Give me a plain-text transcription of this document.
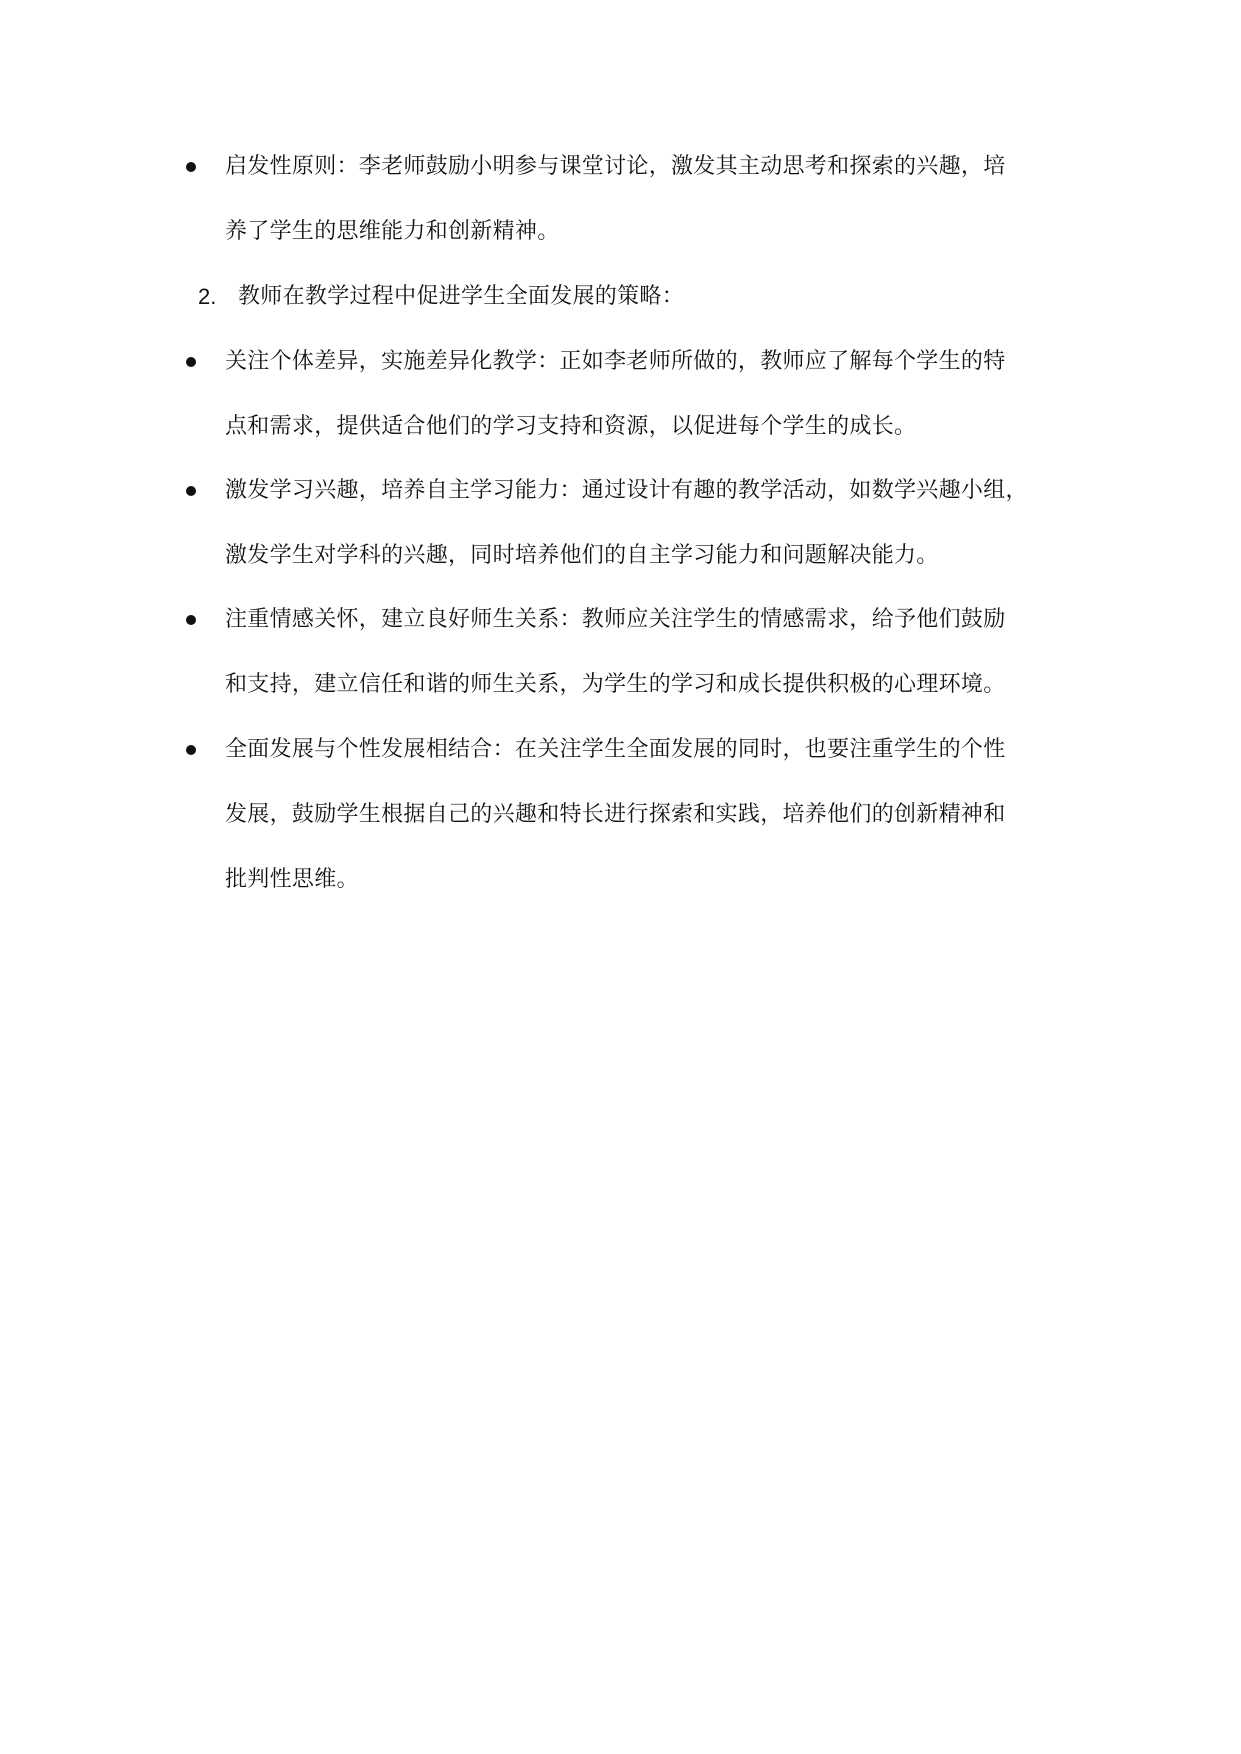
启发性原则：李老师鼓励小明参与课堂讨论，激发其主动思考和探索的兴趣，培
养了学生的思维能力和创新精神。
2. 教师在教学过程中促进学生全面发展的策略：
关注个体差异，实施差异化教学：正如李老师所做的，教师应了解每个学生的特
点和需求，提供适合他们的学习支持和资源，以促进每个学生的成长。
激发学习兴趣，培养自主学习能力：通过设计有趣的教学活动，如数学兴趣小组，
激发学生对学科的兴趣，同时培养他们的自主学习能力和问题解决能力。
注重情感关怀，建立良好师生关系：教师应关注学生的情感需求，给予他们鼓励
和支持，建立信任和谐的师生关系，为学生的学习和成长提供积极的心理环境。
全面发展与个性发展相结合：在关注学生全面发展的同时，也要注重学生的个性
发展，鼓励学生根据自己的兴趣和特长进行探索和实践，培养他们的创新精神和
批判性思维。
